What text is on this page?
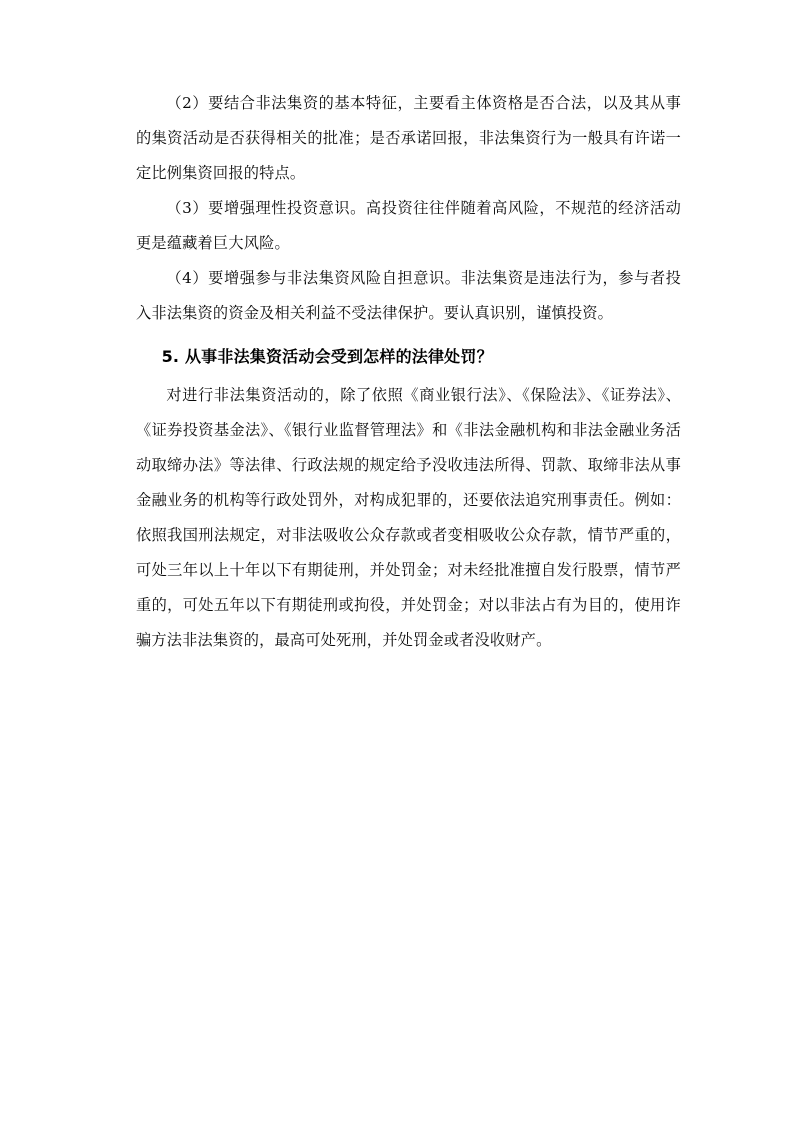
（2）要结合非法集资的基本特征，主要看主体资格是否合法，以及其从事的集资活动是否获得相关的批准；是否承诺回报，非法集资行为一般具有许诺一定比例集资回报的特点。

（3）要增强理性投资意识。高投资往往伴随着高风险，不规范的经济活动更是蕴藏着巨大风险。

（4）要增强参与非法集资风险自担意识。非法集资是违法行为，参与者投入非法集资的资金及相关利益不受法律保护。要认真识别，谨慎投资。

5. 从事非法集资活动会受到怎样的法律处罚？

对进行非法集资活动的，除了依照《商业银行法》、《保险法》、《证券法》、《证券投资基金法》、《银行业监督管理法》和《非法金融机构和非法金融业务活动取缔办法》等法律、行政法规的规定给予没收违法所得、罚款、取缔非法从事金融业务的机构等行政处罚外，对构成犯罪的，还要依法追究刑事责任。例如：依照我国刑法规定，对非法吸收公众存款或者变相吸收公众存款，情节严重的，可处三年以上十年以下有期徒刑，并处罚金；对未经批准擅自发行股票，情节严重的，可处五年以下有期徒刑或拘役，并处罚金；对以非法占有为目的，使用诈骗方法非法集资的，最高可处死刑，并处罚金或者没收财产。
